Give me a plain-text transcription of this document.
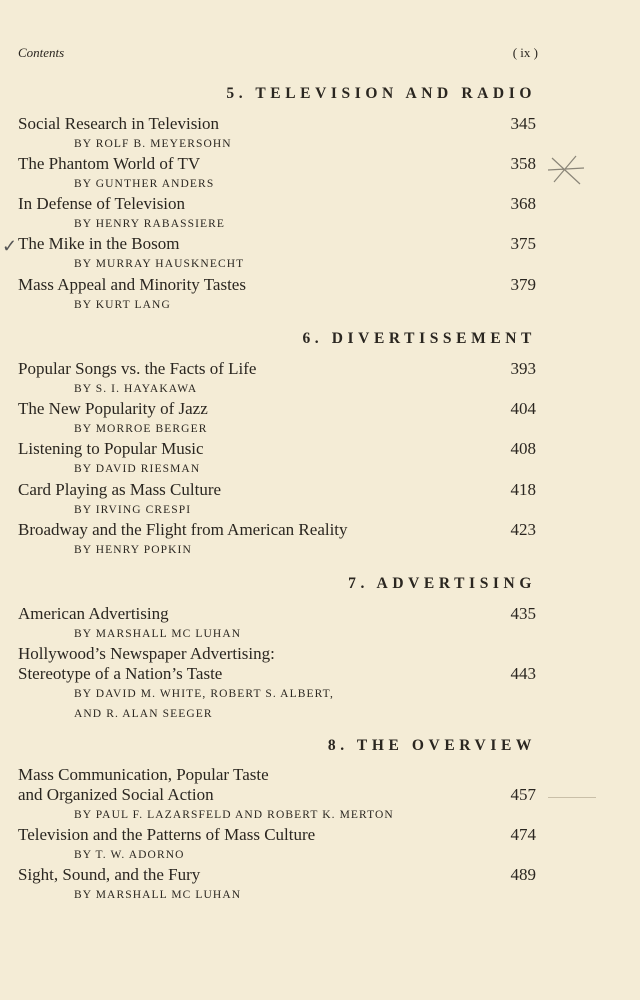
Contents	( ix )
5. TELEVISION AND RADIO
Social Research in Television	345
BY ROLF B. MEYERSOHN
The Phantom World of TV	358
BY GUNTHER ANDERS
In Defense of Television	368
BY HENRY RABASSIERE
The Mike in the Bosom	375
BY MURRAY HAUSKNECHT
Mass Appeal and Minority Tastes	379
BY KURT LANG
6. DIVERTISSEMENT
Popular Songs vs. the Facts of Life	393
BY S. I. HAYAKAWA
The New Popularity of Jazz	404
BY MORROE BERGER
Listening to Popular Music	408
BY DAVID RIESMAN
Card Playing as Mass Culture	418
BY IRVING CRESPI
Broadway and the Flight from American Reality	423
BY HENRY POPKIN
7. ADVERTISING
American Advertising	435
BY MARSHALL MC LUHAN
Hollywood’s Newspaper Advertising:
Stereotype of a Nation’s Taste	443
BY DAVID M. WHITE, ROBERT S. ALBERT,
AND R. ALAN SEEGER
8. THE OVERVIEW
Mass Communication, Popular Taste
and Organized Social Action	457
BY PAUL F. LAZARSFELD AND ROBERT K. MERTON
Television and the Patterns of Mass Culture	474
BY T. W. ADORNO
Sight, Sound, and the Fury	489
BY MARSHALL MC LUHAN
✓
